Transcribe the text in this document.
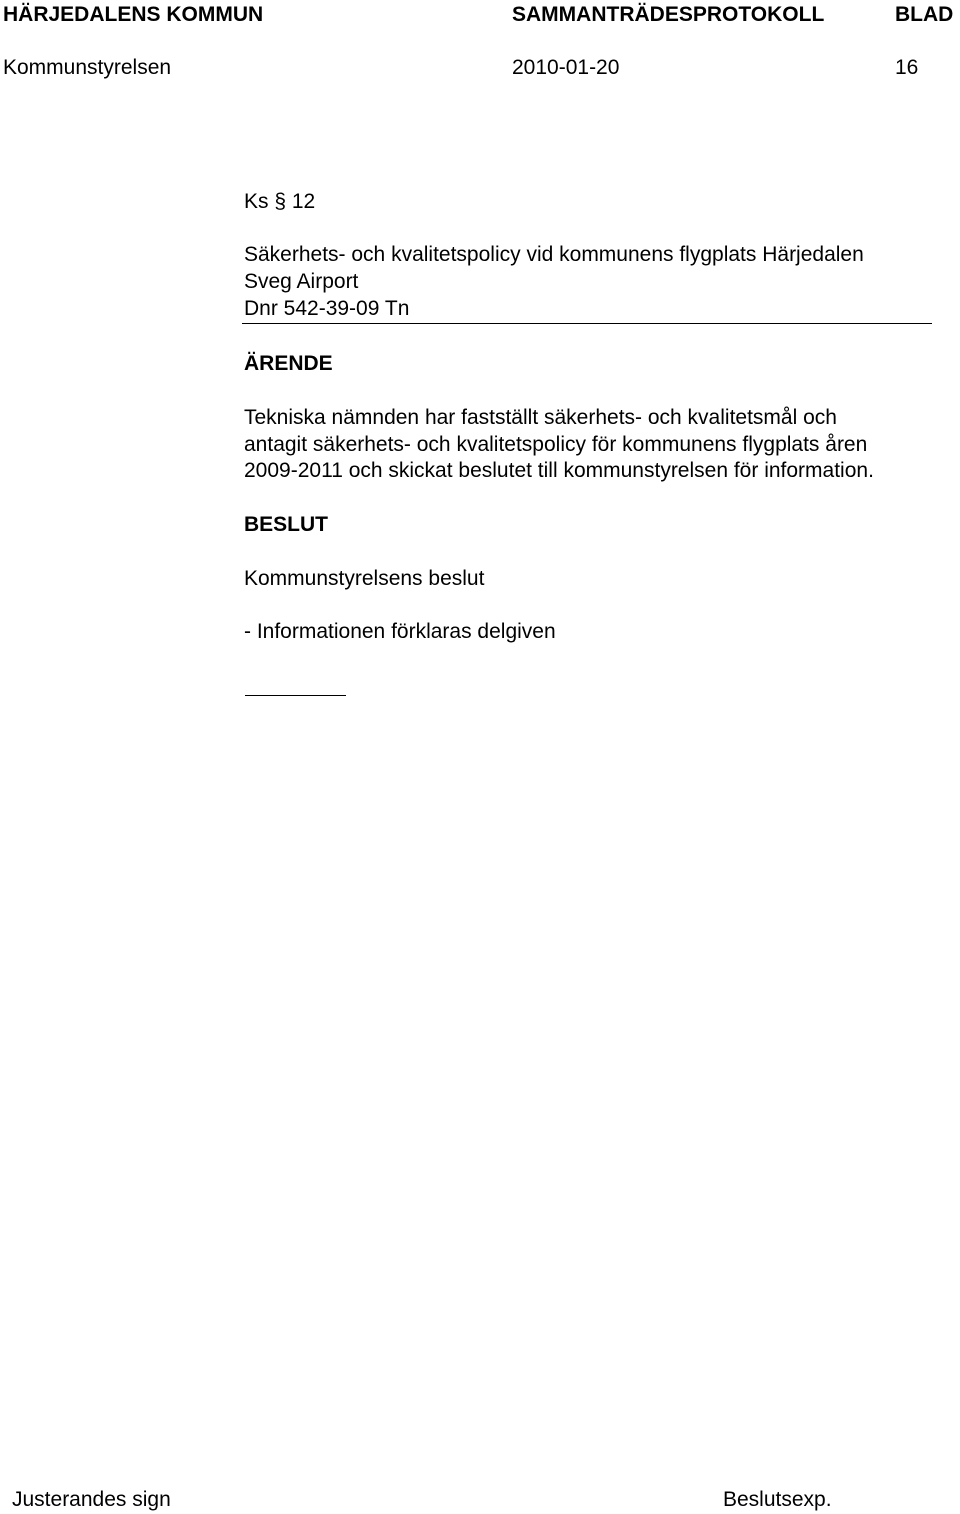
HÄRJEDALENS KOMMUN	SAMMANTRÄDESPROTOKOLL	BLAD
Kommunstyrelsen	2010-01-20	16
Ks § 12
Säkerhets- och kvalitetspolicy vid kommunens flygplats Härjedalen
Sveg Airport
Dnr 542-39-09 Tn
ÄRENDE
Tekniska nämnden har fastställt säkerhets- och kvalitetsmål och
antagit säkerhets- och kvalitetspolicy för kommunens flygplats åren
2009-2011 och skickat beslutet till kommunstyrelsen för information.
BESLUT
Kommunstyrelsens beslut
- Informationen förklaras delgiven
Justerandes sign	Beslutsexp.
